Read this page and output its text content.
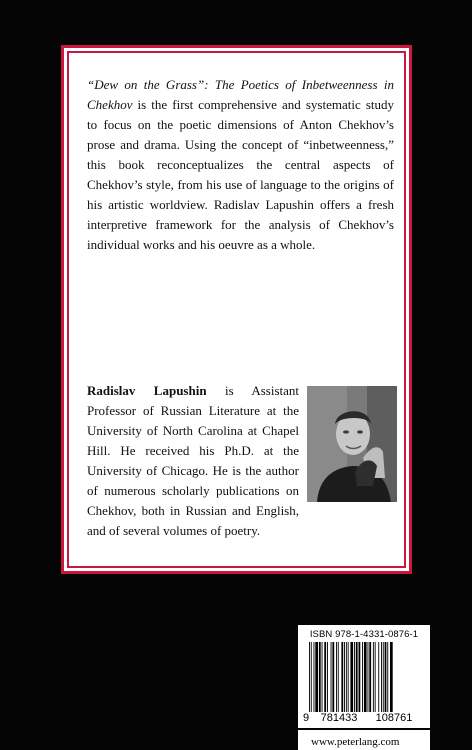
“Dew on the Grass”: The Poetics of Inbetweenness in Chekhov is the first comprehensive and systematic study to focus on the poetic dimensions of Anton Chekhov’s prose and drama. Using the concept of “inbetweenness,” this book reconceptualizes the central aspects of Chekhov’s style, from his use of language to the origins of his artistic worldview. Radislav Lapushin offers a fresh interpretive framework for the analysis of Chekhov’s individual works and his oeuvre as a whole.

Radislav Lapushin is Assistant Professor of Russian Literature at the University of North Carolina at Chapel Hill. He received his Ph.D. at the University of Chicago. He is the author of numerous scholarly publications on Chekhov, both in Russian and English, and of several volumes of poetry.

ISBN 978-1-4331-0876-1
9	781433	108761
www.peterlang.com
